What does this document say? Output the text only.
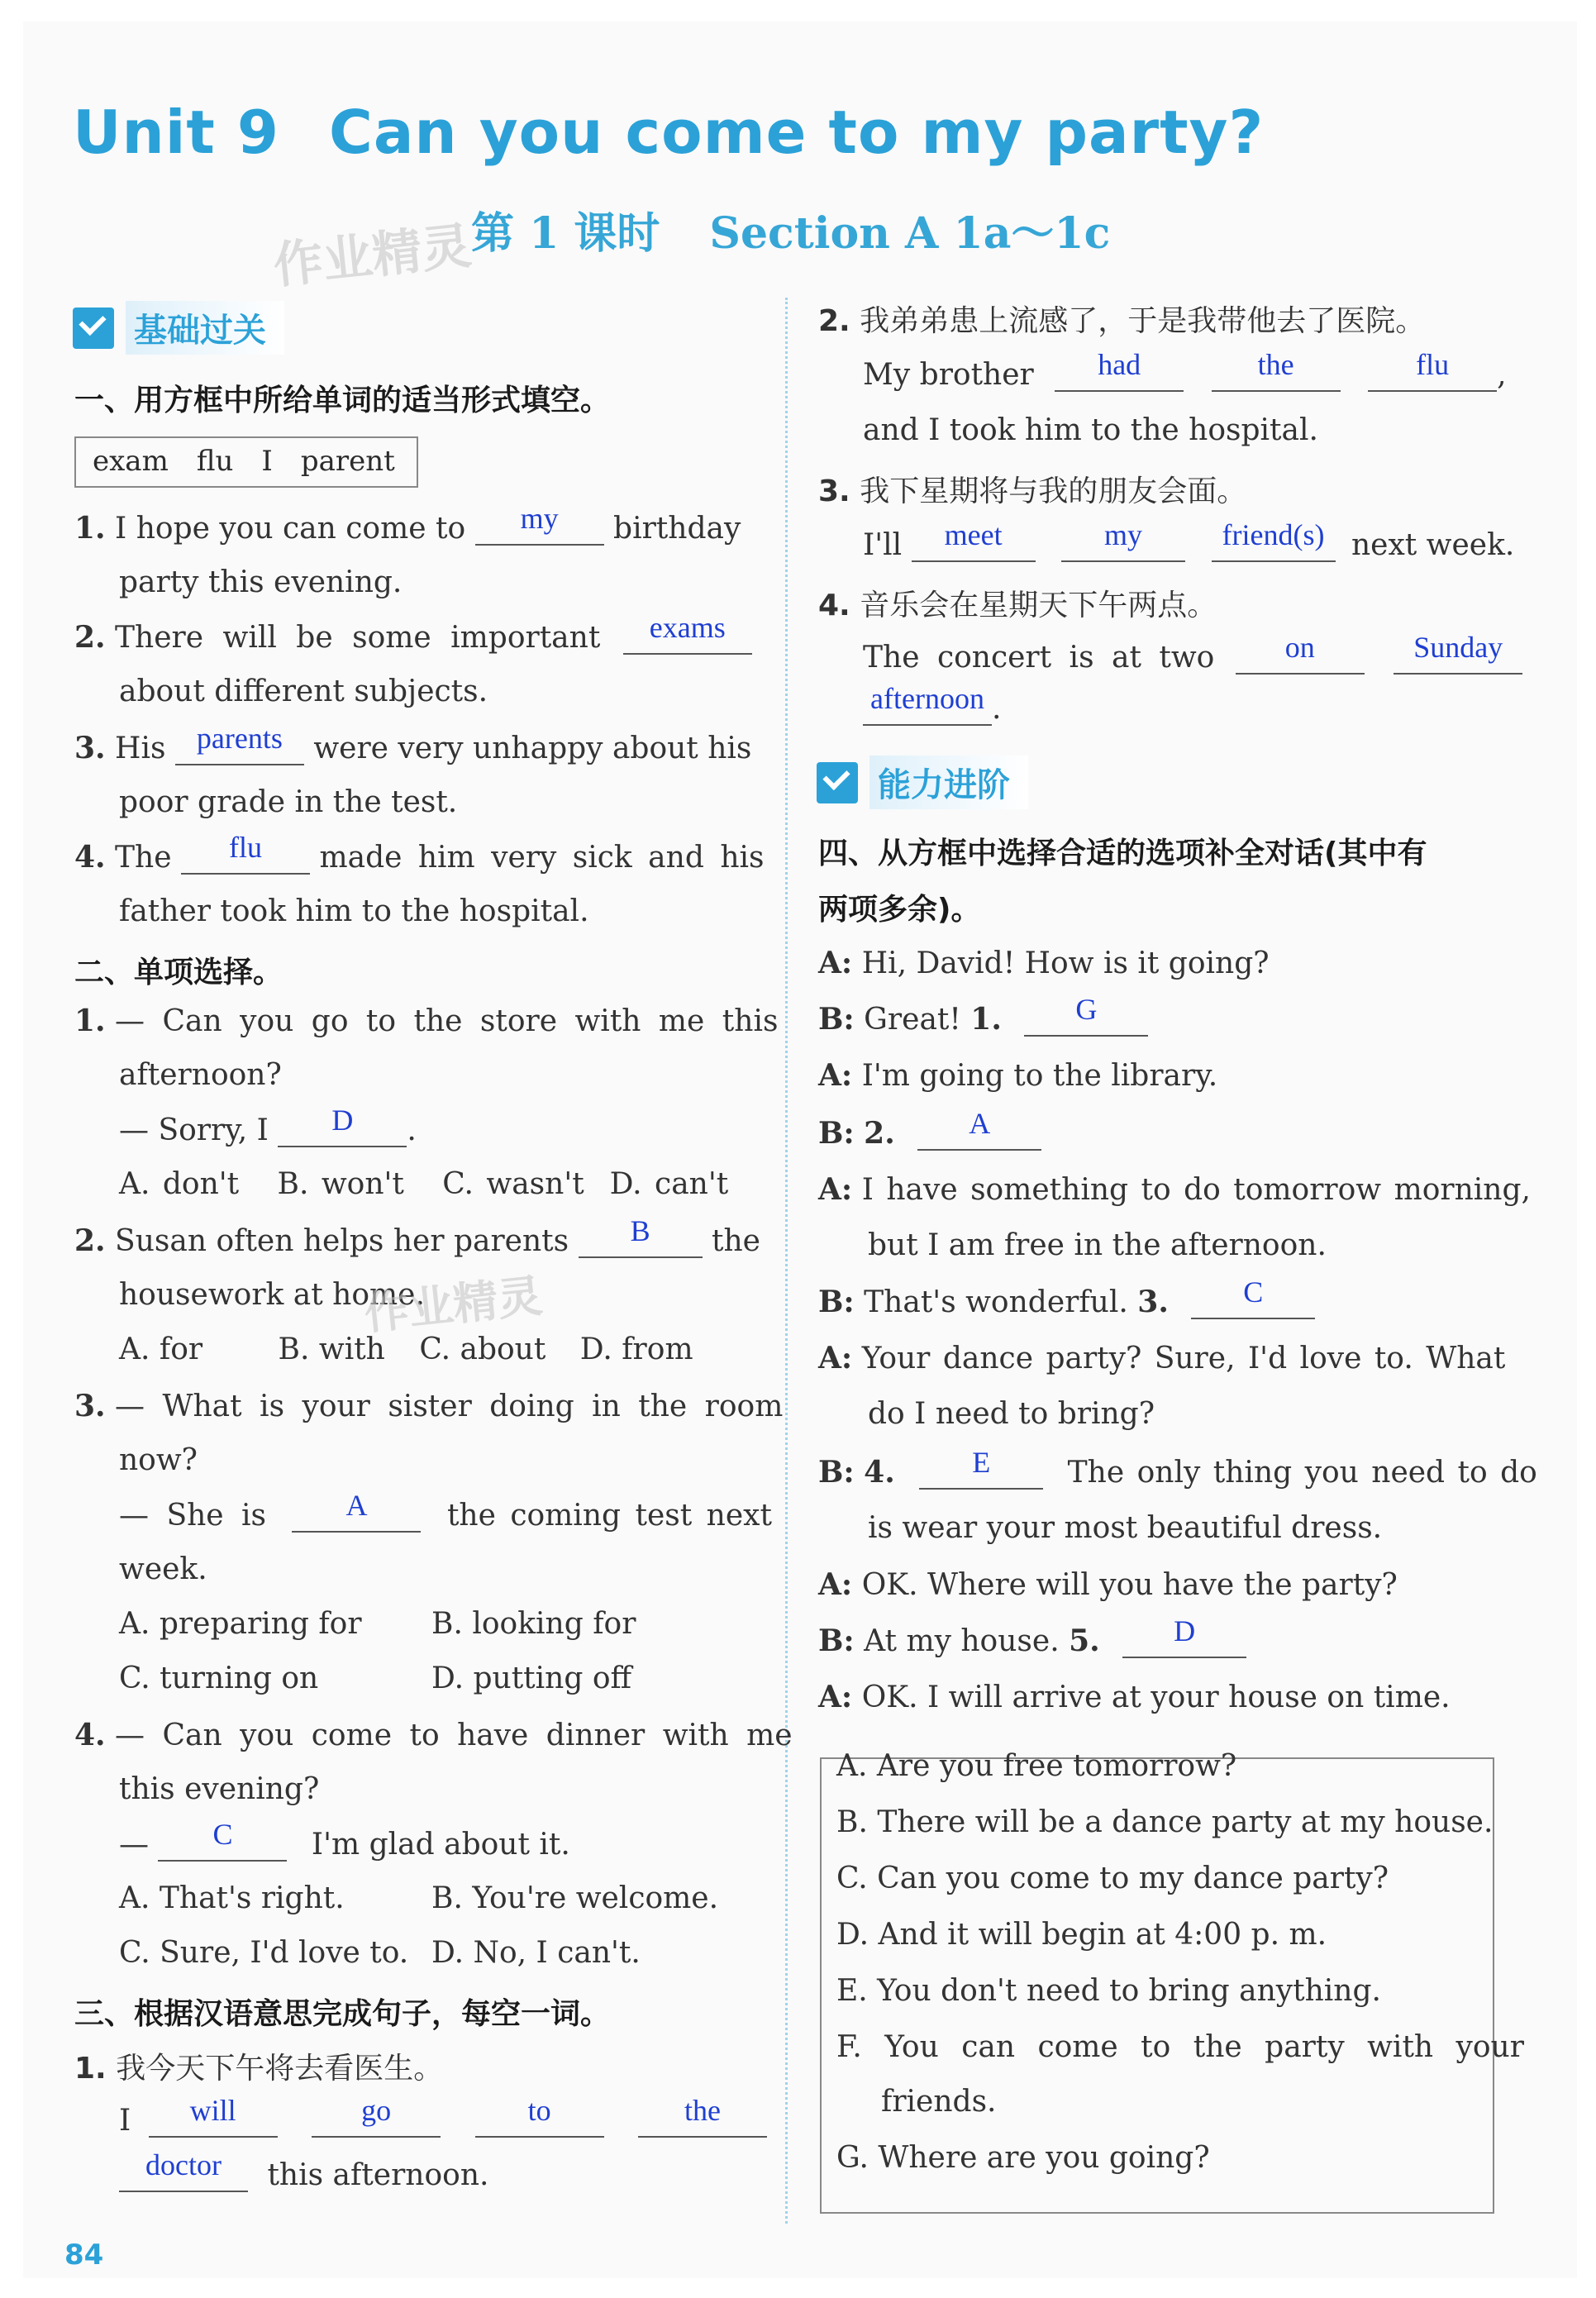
Unit 9 Can you come to my party?
作业精灵
第 1 课时 Section A 1a～1c
基础过关
一、用方框中所给单词的适当形式填空。
exam flu I parent
1. I hope you can come to my birthday
party this evening.
2. There will be some important exams
about different subjects.
3. His parents were very unhappy about his
poor grade in the test.
4. The flu made him very sick and his
father took him to the hospital.
二、单项选择。
1. — Can you go to the store with me this
afternoon?
— Sorry, I D .
A. don't B. won't C. wasn't D. can't
2. Susan often helps her parents B the
housework at home.
作业精灵
A. for	B. with C. about D. from
3. — What is your sister doing in the room
now?
— She is	A	the coming test next
week.
A. preparing for B. looking for
C. turning on	D. putting off
4. — Can you come to have dinner with me
this evening?
— C	I'm glad about it.
A. That's right.	B. You're welcome.
C. Sure, I'd love to. D. No, I can't.
三、根据汉语意思完成句子，每空一词。
1. 我今天下午将去看医生。
I will	go	to	the
doctor this afternoon.
2. 我弟弟患上流感了，于是我带他去了医院。
My brother had	the	flu ,
and I took him to the hospital.
3. 我下星期将与我的朋友会面。
I'll meet	my	friend(s) next week.
4. 音乐会在星期天下午两点。
The concert is at two on	Sunday
afternoon .
能力进阶
四、从方框中选择合适的选项补全对话(其中有
两项多余)。
A: Hi, David! How is it going?
B: Great! 1. G
A: I'm going to the library.
B: 2. A
A: I have something to do tomorrow morning,
but I am free in the afternoon.
B: That's wonderful. 3.	C
A: Your dance party? Sure, I'd love to. What
do I need to bring?
B: 4.	E	The only thing you need to do
is wear your most beautiful dress.
A: OK. Where will you have the party?
B: At my house. 5. D
A: OK. I will arrive at your house on time.
A. Are you free tomorrow?
B. There will be a dance party at my house.
C. Can you come to my dance party?
D. And it will begin at 4:00 p. m.
E. You don't need to bring anything.
F. You can come to the party with your
friends.
G. Where are you going?
84
